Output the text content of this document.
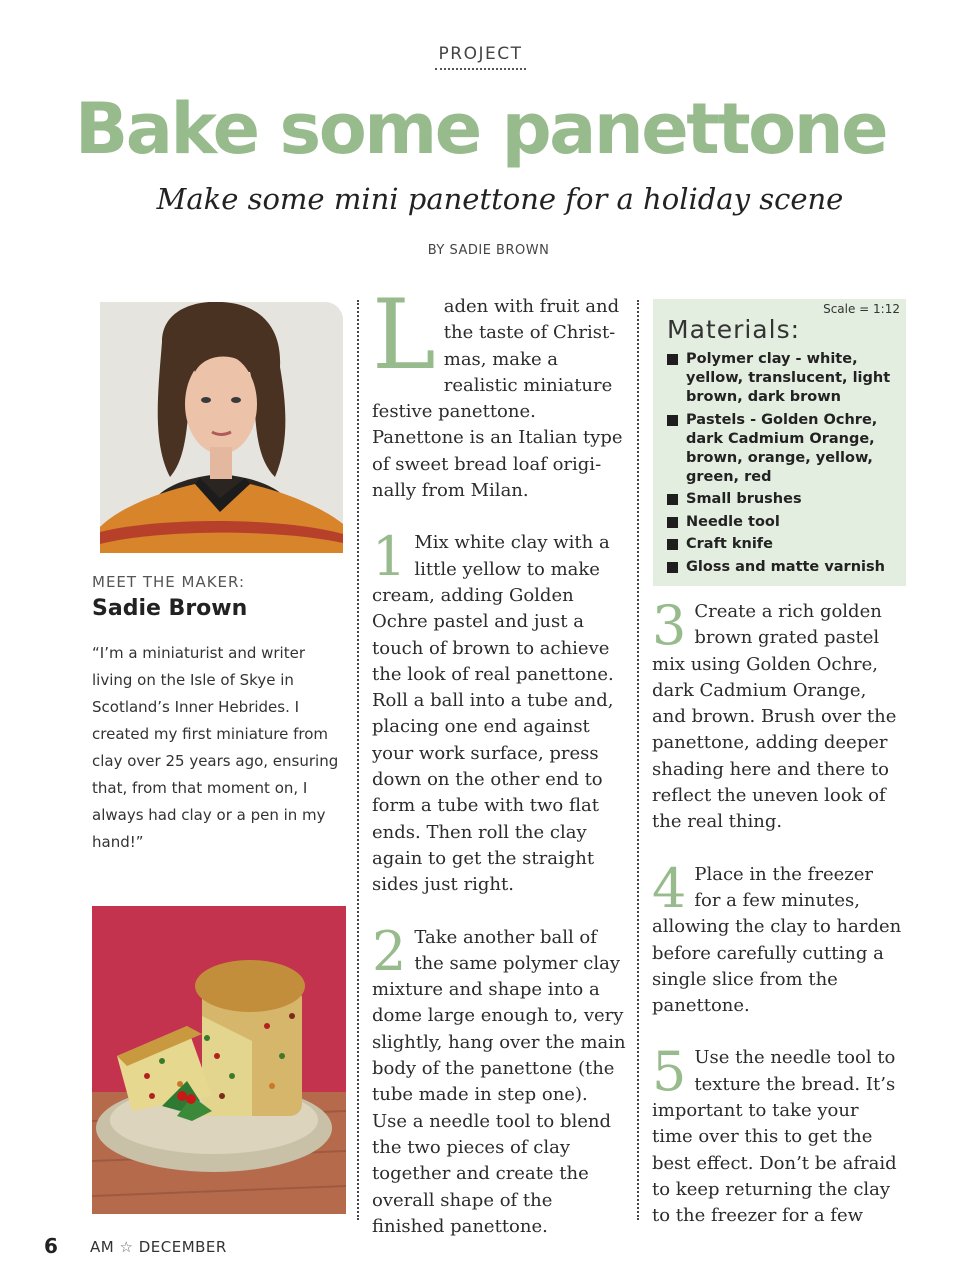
PROJECT
Bake some panettone
Make some mini panettone for a holiday scene
BY SADIE BROWN
MEET THE MAKER:
Sadie Brown
“I’m a miniaturist and writer living on the Isle of Skye in Scotland’s Inner Hebrides. I created my first miniature from clay over 25 years ago, ensuring that, from that moment on, I always had clay or a pen in my hand!”

Laden with fruit and the taste of Christ-mas, make a realistic miniature festive panettone. Panettone is an Italian type of sweet bread loaf origi-nally from Milan.

1 Mix white clay with a little yellow to make cream, adding Golden Ochre pastel and just a touch of brown to achieve the look of real panettone. Roll a ball into a tube and, placing one end against your work surface, press down on the other end to form a tube with two flat ends. Then roll the clay again to get the straight sides just right.

2 Take another ball of the same polymer clay mixture and shape into a dome large enough to, very slightly, hang over the main body of the panettone (the tube made in step one). Use a needle tool to blend the two pieces of clay together and create the overall shape of the finished panettone.

Scale = 1:12
Materials:
Polymer clay - white, yellow, translucent, light brown, dark brown
Pastels - Golden Ochre, dark Cadmium Orange, brown, orange, yellow, green, red
Small brushes
Needle tool
Craft knife
Gloss and matte varnish

3 Create a rich golden brown grated pastel mix using Golden Ochre, dark Cadmium Orange, and brown. Brush over the panettone, adding deeper shading here and there to reflect the uneven look of the real thing.

4 Place in the freezer for a few minutes, allowing the clay to harden before carefully cutting a single slice from the panettone.

5 Use the needle tool to texture the bread. It’s important to take your time over this to get the best effect. Don’t be afraid to keep returning the clay to the freezer for a few

6 AM ☆ DECEMBER
